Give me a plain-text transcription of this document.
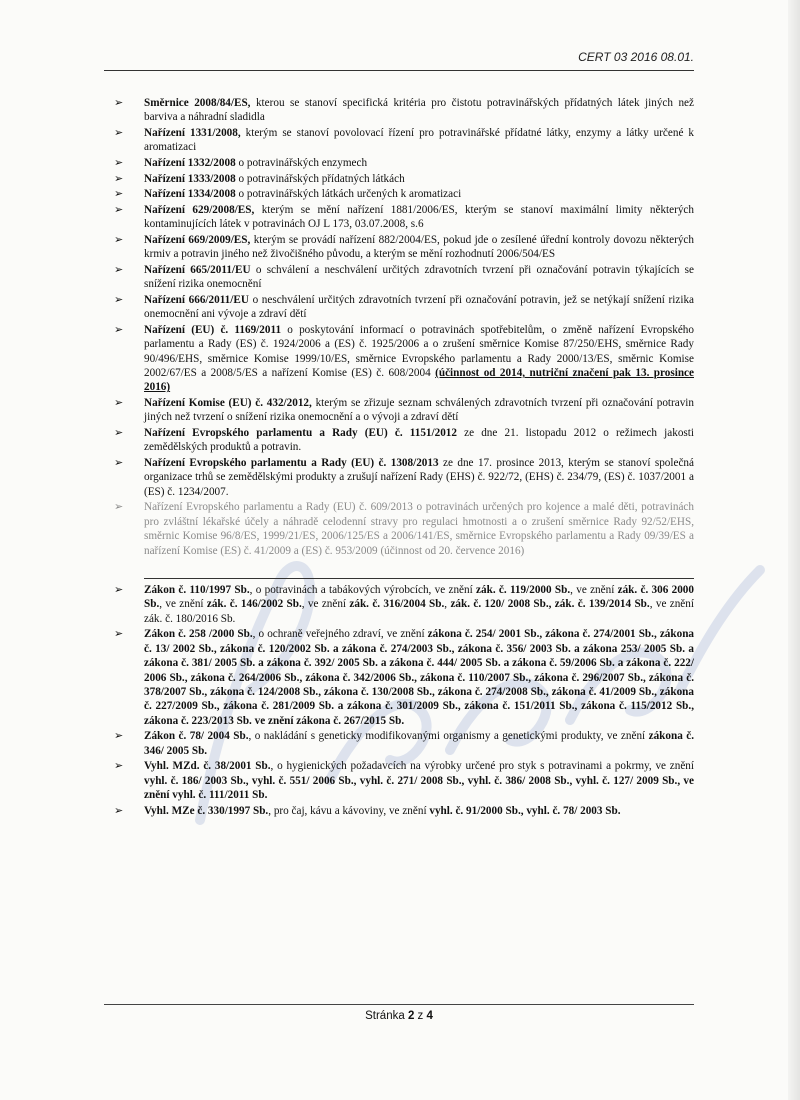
CERT 03 2016 08.01.
➢ Směrnice 2008/84/ES, kterou se stanoví specifická kritéria pro čistotu potravinářských přídatných látek jiných než barviva a náhradní sladidla
➢ Nařízení 1331/2008, kterým se stanoví povolovací řízení pro potravinářské přídatné látky, enzymy a látky určené k aromatizaci
➢ Nařízení 1332/2008 o potravinářských enzymech
➢ Nařízení 1333/2008 o potravinářských přídatných látkách
➢ Nařízení 1334/2008 o potravinářských látkách určených k aromatizaci
➢ Nařízení 629/2008/ES, kterým se mění nařízení 1881/2006/ES, kterým se stanoví maximální limity některých kontaminujících látek v potravinách OJ L 173, 03.07.2008, s.6
➢ Nařízení 669/2009/ES, kterým se provádí nařízení 882/2004/ES, pokud jde o zesílené úřední kontroly dovozu některých krmiv a potravin jiného než živočišného původu, a kterým se mění rozhodnutí 2006/504/ES
➢ Nařízení 665/2011/EU o schválení a neschválení určitých zdravotních tvrzení při označování potravin týkajících se snížení rizika onemocnění
➢ Nařízení 666/2011/EU o neschválení určitých zdravotních tvrzení při označování potravin, jež se netýkají snížení rizika onemocnění ani vývoje a zdraví dětí
➢ Nařízení (EU) č. 1169/2011 o poskytování informací o potravinách spotřebitelům, o změně nařízení Evropského parlamentu a Rady (ES) č. 1924/2006 a (ES) č. 1925/2006 a o zrušení směrnice Komise 87/250/EHS, směrnice Rady 90/496/EHS, směrnice Komise 1999/10/ES, směrnice Evropského parlamentu a Rady 2000/13/ES, směrnic Komise 2002/67/ES a 2008/5/ES a nařízení Komise (ES) č. 608/2004 (účinnost od 2014, nutriční značení pak 13. prosince 2016)
➢ Nařízení Komise (EU) č. 432/2012, kterým se zřizuje seznam schválených zdravotních tvrzení při označování potravin jiných než tvrzení o snížení rizika onemocnění a o vývoji a zdraví dětí
➢ Nařízení Evropského parlamentu a Rady (EU) č. 1151/2012 ze dne 21. listopadu 2012 o režimech jakosti zemědělských produktů a potravin.
➢ Nařízení Evropského parlamentu a Rady (EU) č. 1308/2013 ze dne 17. prosince 2013, kterým se stanoví společná organizace trhů se zemědělskými produkty a zrušují nařízení Rady (EHS) č. 922/72, (EHS) č. 234/79, (ES) č. 1037/2001 a (ES) č. 1234/2007.
➢ Nařízení Evropského parlamentu a Rady (EU) č. 609/2013 o potravinách určených pro kojence a malé děti, potravinách pro zvláštní lékařské účely a náhradě celodenní stravy pro regulaci hmotnosti a o zrušení směrnice Rady 92/52/EHS, směrnic Komise 96/8/ES, 1999/21/ES, 2006/125/ES a 2006/141/ES, směrnice Evropského parlamentu a Rady 09/39/ES a nařízení Komise (ES) č. 41/2009 a (ES) č. 953/2009 (účinnost od 20. července 2016)
➢ Zákon č. 110/1997 Sb., o potravinách a tabákových výrobcích, ve znění zák. č. 119/2000 Sb., ve znění zák. č. 306 2000 Sb., ve znění zák. č. 146/2002 Sb., ve znění zák. č. 316/2004 Sb., zák. č. 120/ 2008 Sb., zák. č. 139/2014 Sb., ve znění zák. č. 180/2016 Sb.
➢ Zákon č. 258 /2000 Sb., o ochraně veřejného zdraví, ve znění zákona č. 254/ 2001 Sb., zákona č. 274/2001 Sb., zákona č. 13/ 2002 Sb., zákona č. 120/2002 Sb. a zákona č. 274/2003 Sb., zákona č. 356/ 2003 Sb. a zákona 253/ 2005 Sb. a zákona č. 381/ 2005 Sb. a zákona č. 392/ 2005 Sb. a zákona č. 444/ 2005 Sb. a zákona č. 59/2006 Sb. a zákona č. 222/ 2006 Sb., zákona č. 264/2006 Sb., zákona č. 342/2006 Sb., zákona č. 110/2007 Sb., zákona č. 296/2007 Sb., zákona č. 378/2007 Sb., zákona č. 124/2008 Sb., zákona č. 130/2008 Sb., zákona č. 274/2008 Sb., zákona č. 41/2009 Sb., zákona č. 227/2009 Sb., zákona č. 281/2009 Sb. a zákona č. 301/2009 Sb., zákona č. 151/2011 Sb., zákona č. 115/2012 Sb., zákona č. 223/2013 Sb. ve znění zákona č. 267/2015 Sb.
➢ Zákon č. 78/ 2004 Sb., o nakládání s geneticky modifikovanými organismy a genetickými produkty, ve znění zákona č. 346/ 2005 Sb.
➢ Vyhl. MZd. č. 38/2001 Sb., o hygienických požadavcích na výrobky určené pro styk s potravinami a pokrmy, ve znění vyhl. č. 186/ 2003 Sb., vyhl. č. 551/ 2006 Sb., vyhl. č. 271/ 2008 Sb., vyhl. č. 386/ 2008 Sb., vyhl. č. 127/ 2009 Sb., ve znění vyhl. č. 111/2011 Sb.
➢ Vyhl. MZe č. 330/1997 Sb., pro čaj, kávu a kávoviny, ve znění vyhl. č. 91/2000 Sb., vyhl. č. 78/ 2003 Sb.
Stránka 2 z 4
